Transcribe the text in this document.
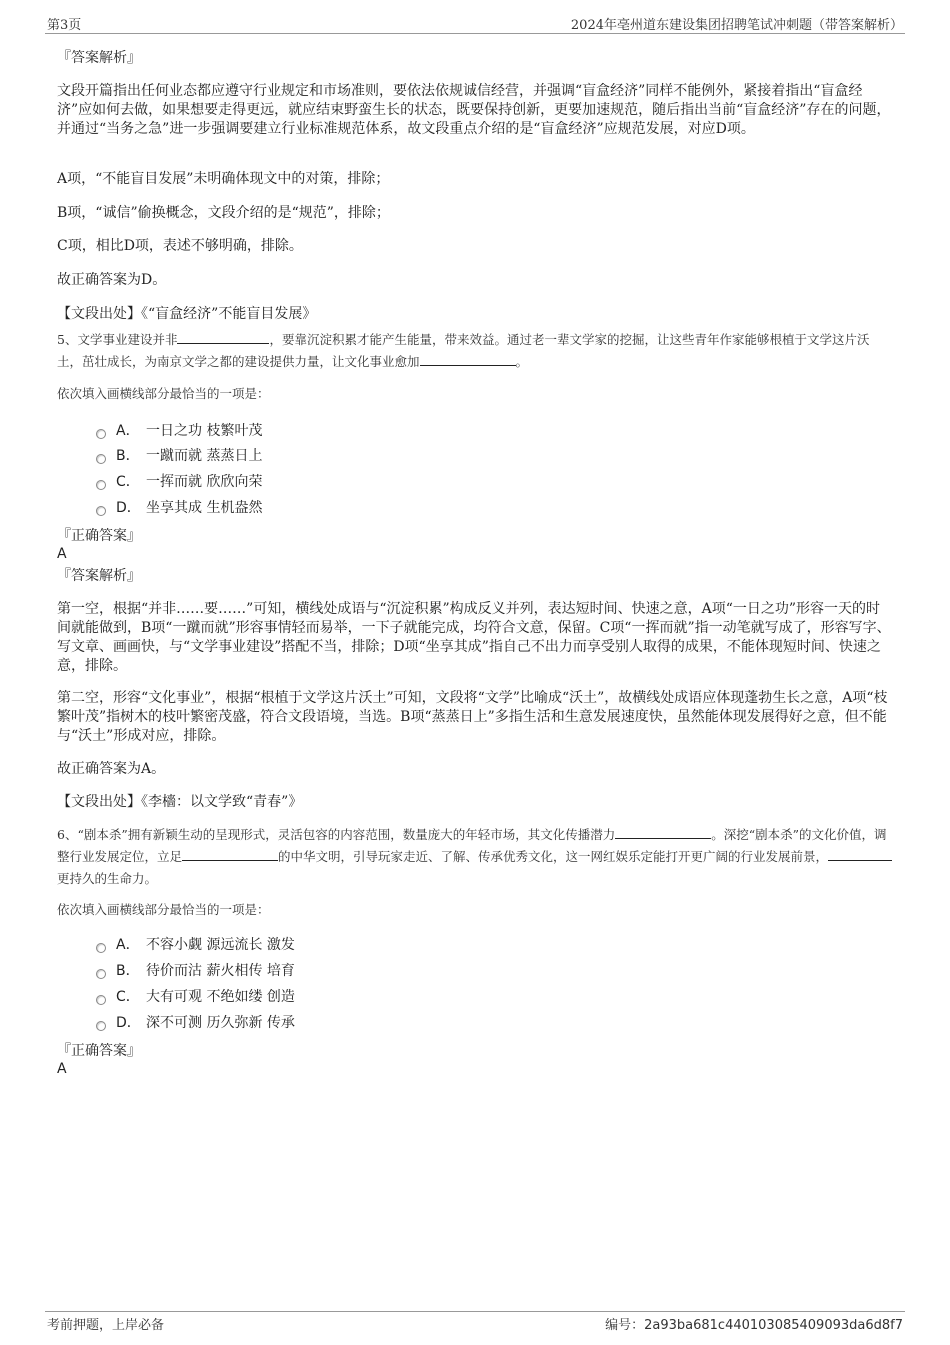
第3页	2024年亳州道东建设集团招聘笔试冲刺题（带答案解析）
『答案解析』
文段开篇指出任何业态都应遵守行业规定和市场准则，要依法依规诚信经营，并强调“盲盒经济”同样不能例外，紧接着指出“盲盒经济”应如何去做，如果想要走得更远，就应结束野蛮生长的状态，既要保持创新，更要加速规范，随后指出当前“盲盒经济”存在的问题，并通过“当务之急”进一步强调要建立行业标准规范体系，故文段重点介绍的是“盲盒经济”应规范发展，对应D项。
A项，“不能盲目发展”未明确体现文中的对策，排除；
B项，“诚信”偷换概念，文段介绍的是“规范”，排除；
C项，相比D项，表述不够明确，排除。
故正确答案为D。
【文段出处】《“盲盒经济”不能盲目发展》
5、文学事业建设并非	，要靠沉淀积累才能产生能量，带来效益。通过老一辈文学家的挖掘，让这些青年作家能够根植于文学这片沃土，茁壮成长，为南京文学之都的建设提供力量，让文化事业愈加	。
依次填入画横线部分最恰当的一项是：
A． 一日之功 枝繁叶茂
B． 一蹴而就 蒸蒸日上
C． 一挥而就 欣欣向荣
D． 坐享其成 生机盎然
『正确答案』
A
『答案解析』
第一空，根据“并非……要……”可知，横线处成语与“沉淀积累”构成反义并列，表达短时间、快速之意，A项“一日之功”形容一天的时间就能做到，B项“一蹴而就”形容事情轻而易举，一下子就能完成，均符合文意，保留。C项“一挥而就”指一动笔就写成了，形容写字、写文章、画画快，与“文学事业建设”搭配不当，排除；D项“坐享其成”指自己不出力而享受别人取得的成果，不能体现短时间、快速之意，排除。
第二空，形容“文化事业”，根据“根植于文学这片沃土”可知，文段将“文学”比喻成“沃土”，故横线处成语应体现蓬勃生长之意，A项“枝繁叶茂”指树木的枝叶繁密茂盛，符合文段语境，当选。B项“蒸蒸日上”多指生活和生意发展速度快，虽然能体现发展得好之意，但不能与“沃土”形成对应，排除。
故正确答案为A。
【文段出处】《李檣：以文学致“青春”》
6、“剧本杀”拥有新颖生动的呈现形式，灵活包容的内容范围，数量庞大的年轻市场，其文化传播潜力	。深挖“剧本杀”的文化价值，调整行业发展定位，立足	的中华文明，引导玩家走近、了解、传承优秀文化，这一网红娱乐定能打开更广阔的行业发展前景，更持久的生命力。
依次填入画横线部分最恰当的一项是：
A． 不容小觑 源远流长 激发
B． 待价而沽 薪火相传 培育
C． 大有可观 不绝如缕 创造
D． 深不可测 历久弥新 传承
『正确答案』
A
考前押题，上岸必备	编号：2a93ba681c440103085409093da6d8f7
